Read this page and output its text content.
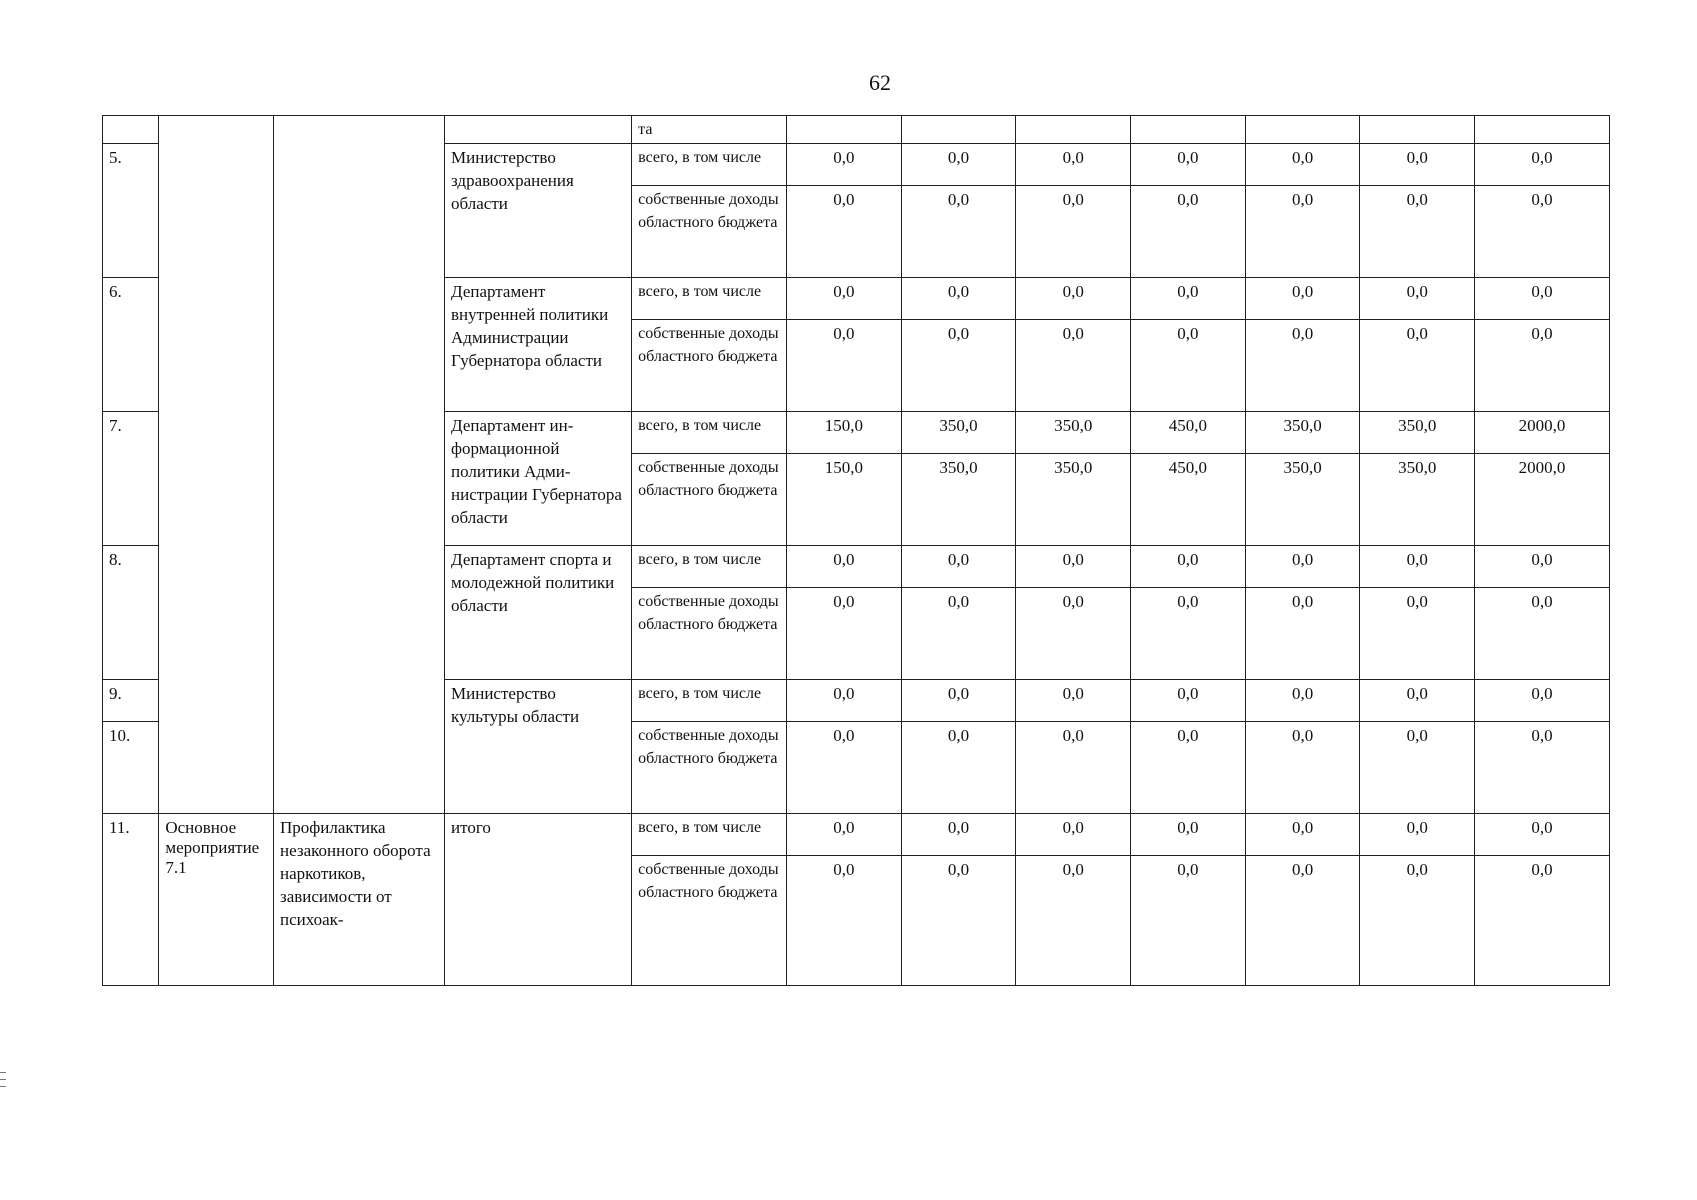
62
				та							
5.			Министерство здравоохранения области	всего, в том числе	0,0	0,0	0,0	0,0	0,0	0,0	0,0
				собственные доходы областного бюджета	0,0	0,0	0,0	0,0	0,0	0,0	0,0
6.			Департамент внутренней политики Администрации Губернатора области	всего, в том числе	0,0	0,0	0,0	0,0	0,0	0,0	0,0
				собственные доходы областного бюджета	0,0	0,0	0,0	0,0	0,0	0,0	0,0
7.			Департамент информационной политики Администрации Губернатора области	всего, в том числе	150,0	350,0	350,0	450,0	350,0	350,0	2000,0
				собственные доходы областного бюджета	150,0	350,0	350,0	450,0	350,0	350,0	2000,0
8.			Департамент спорта и молодежной политики области	всего, в том числе	0,0	0,0	0,0	0,0	0,0	0,0	0,0
				собственные доходы областного бюджета	0,0	0,0	0,0	0,0	0,0	0,0	0,0
9.			Министерство культуры области	всего, в том числе	0,0	0,0	0,0	0,0	0,0	0,0	0,0
10.				собственные доходы областного бюджета	0,0	0,0	0,0	0,0	0,0	0,0	0,0
11.	Основное мероприятие 7.1	Профилактика незаконного оборота наркотиков, зависимости от психоак-	итого	всего, в том числе	0,0	0,0	0,0	0,0	0,0	0,0	0,0
				собственные доходы областного бюджета	0,0	0,0	0,0	0,0	0,0	0,0	0,0
